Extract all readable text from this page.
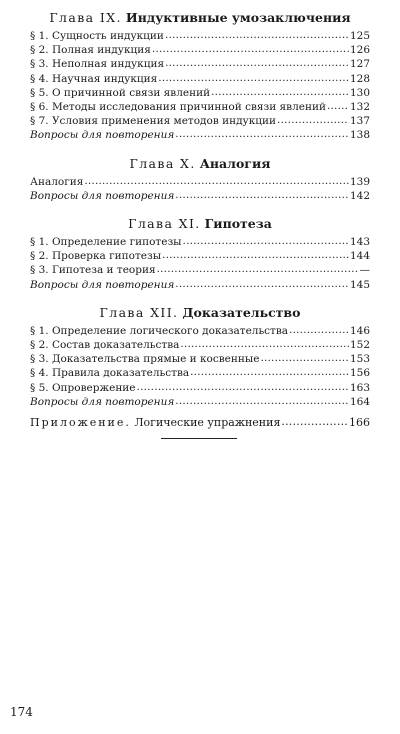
Глава IX. Индуктивные умозаключения
§ 1. Сущность индукции .....	125
§ 2. Полная индукция .....	126
§ 3. Неполная индукция .....	127
§ 4. Научная индукция .....	128
§ 5. О причинной связи явлений .....	130
§ 6. Методы исследования причинной связи явлений ..... 132
§ 7. Условия применения методов индукции .....	137
Вопросы для повторения .....	138
Глава X. Аналогия
Аналогия .....	139
Вопросы для повторения .....	142
Глава XI. Гипотеза
§ 1. Определение гипотезы .....	143
§ 2. Проверка гипотезы .....	144
§ 3. Гипотеза и теория .....	—
Вопросы для повторения .....	145
Глава XII. Доказательство
§ 1. Определение логического доказательства .....	146
§ 2. Состав доказательства .....	152
§ 3. Доказательства прямые и косвенные .....	153
§ 4. Правила доказательства .....	156
§ 5. Опровержение .....	163
Вопросы для повторения .....	164
Приложение. Логические упражнения .....	166
174
